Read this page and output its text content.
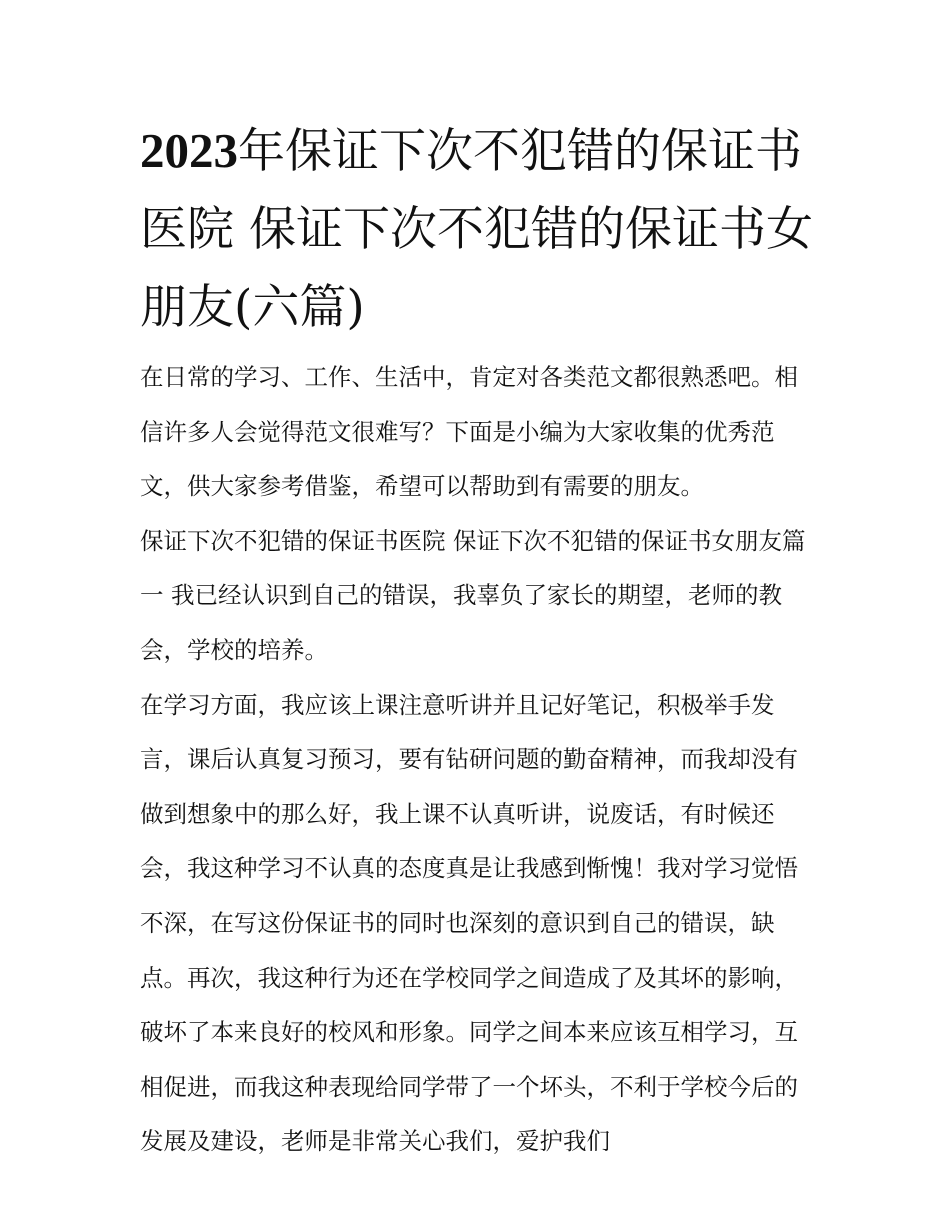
2023年保证下次不犯错的保证书医院 保证下次不犯错的保证书女朋友(六篇)

在日常的学习、工作、生活中，肯定对各类范文都很熟悉吧。相信许多人会觉得范文很难写？下面是小编为大家收集的优秀范文，供大家参考借鉴，希望可以帮助到有需要的朋友。

保证下次不犯错的保证书医院 保证下次不犯错的保证书女朋友篇一 我已经认识到自己的错误，我辜负了家长的期望，老师的教会，学校的培养。

在学习方面，我应该上课注意听讲并且记好笔记，积极举手发言，课后认真复习预习，要有钻研问题的勤奋精神，而我却没有做到想象中的那么好，我上课不认真听讲，说废话，有时候还会，我这种学习不认真的态度真是让我感到惭愧！我对学习觉悟不深，在写这份保证书的同时也深刻的意识到自己的错误，缺点。再次，我这种行为还在学校同学之间造成了及其坏的影响，破坏了本来良好的校风和形象。同学之间本来应该互相学习，互相促进，而我这种表现给同学带了一个坏头，不利于学校今后的发展及建设，老师是非常关心我们，爱护我们
